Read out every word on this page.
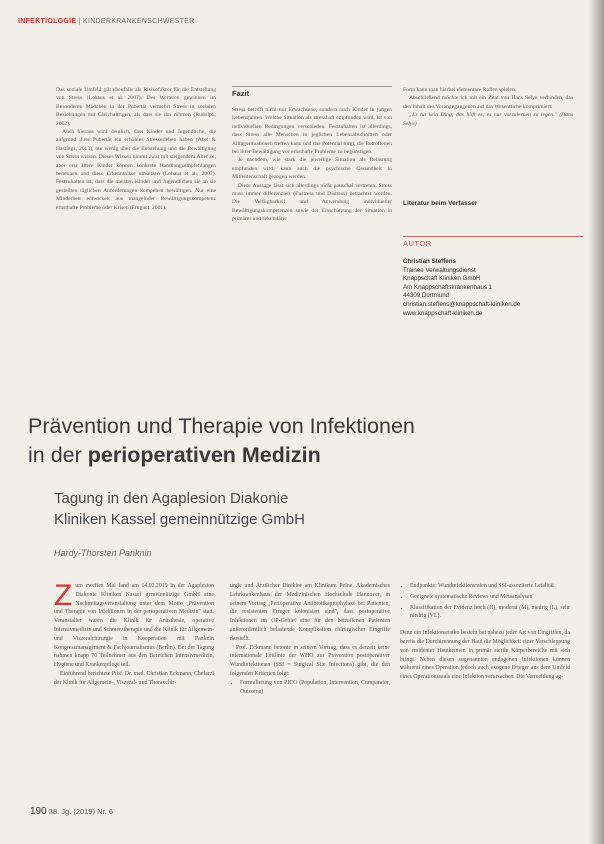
INFEKTIOLOGIE | KINDERKRANKENSCHWESTER

Das soziale Umfeld gilt ebenfalls als Risikofaktor für die Entstehung von Stress (Lohaus et al. 2007). Des Weiteren gewinnen im Besonderen Mädchen in der Pubertät vermehrt Stress in sozialen Beziehungen mit Gleichaltrigen, als dass sie ihn rühmen (Rudolph, 2002).

Auch hieraus wird deutlich, dass Kinder und Jugendliche, die aufgrund ihrer Pubertät ein erhöhtes Stresserleben haben (Abel & Hastings, 2013), nur wenig über die Entstehung und die Bewältigung von Stress wissen. Dieses Wissen nimmt zwar mit steigendem Alter zu, aber erst ältere Kinder können konkrete Handlungsempfehlungen benennen und diese Erkenntnisse umsetzen (Lohaus et al., 2007). Festzuhalten ist, dass die meisten Kinder und Jugendlichen sie an sie gestellten täglichen Anforderungen kompetent bewältigen. Nur eine Minderheit entwickelt aus mangelnder Bewältigungskompetenz ernsthafte Probleme oder Krisen (Fruguet, 2001).

Fazit

Stress betrifft nicht nur Erwachsene, sondern auch Kinder in jungen Lebensjahren. Welche Situation als stresshaft empfunden wird, ist von individuellen Bedingungen verschieden. Festzuhalten ist allerdings, dass Stress alle Menschen in jeglichen Lebensabschnitten oder Alltagssituationen treffen kann und das Potential birgt, die Betroffenen bei ihrer Bewältigung vor ernsthafte Probleme zu begünstigen.

Je nachdem, wie stark die jeweilige Situation als Belastung empfunden wird, kann auch die psychische Gesundheit in Mitleidenschaft gezogen werden.

Diese Aussage lässt sich allerdings nicht pauschal vertreten. Stress muss immer differenziert (Eustress und Distress) betrachtet werden. Die Verfügbarkeit und Anwendung individueller Bewältigungskompetenzen sowie der Einschätzung der Situation in primärer und sekundärer

Form kann man hierbei elementare Rollen spielen.

Abschließend möchte ich mit ein Zitat von Hans Selye verbinden, das den Inhalt des Vorangegangenen auf das Wesentliche komprimiert:

„Es tut kein Ding; das hilft es, es nur vorzulernen zu legen." (Hans Selye)

Literatur beim Verfasser
AUTOR
Christian Steffens
Trainee Verwaltungsdienst
Knappschaft Kliniken GmbH
Am Knappschaftskrankenhaus 1
44309 Dortmund
christian.steffens@knappschaft-kliniken.de
www.knappschaft-kliniken.de
Prävention und Therapie von Infektionen
in der perioperativen Medizin
Tagung in den Agaplesion Diakonie
Kliniken Kassel gemeinnützige GmbH
Hardy-Thorsten Panknin
Z um zweiten Mal fand am 14.02.2019 in der Agaplesion Diakonie Kliniken Kassel gemeinnützige GmbH eine Nachmittagsveranstaltung unter dem Motto „Prävention und Therapie von Infektionen in der perioperativen Medizin" statt. Veranstalter waren die Klinik für Anästhesie, operative Intensivmedizin und Schmerztherapie und die Klinik für Allgemein- und Viszeralchirurgie in Kooperation mit Panknin Kongressmanagement & Fachjournalismus (Berlin). Bei der Tagung nahmen knapp 70 Teilnehmer aus den Bereichen Intensivmedizin, Hygiene und Krankenpflege teil.
Einführend berichtete Prof. Dr. med. Christian Eckmann, Chefarzt der Klinik für Allgemein-, Viszeral- und Thoraxchir-
urgie und Ärztlicher Direktor am Klinikum Peine, Akademisches Lehrkrankenhaus der Medizinischen Hochschule Hannover, in seinem Vortrag „Perioperative Antibiotikaprophylaxe bei Patienten, die resistenten Erreger kolonisiert sind", dass postoperative Infektionen im OP-Gebiet eine für den betroffenen Patienten außerordentlich belastende Komplikation chirurgischer Eingriffe darstellt.
Prof. Eckmann betonte in seinem Vortrag, dass es derzeit keine internationale Leitlinie der WHO zur Prävention postoperativer Wundinfektionen (SSI = Surgical Site Infections) gibt, die den folgenden Kriterien folgt:
• Formulierung von PICO (Population, Intervention, Comparator, Outcome)
• Endpunkte: Wundinfektionsraten und SSI-assoziierte Letalität
• Geeignete systematische Reviews und Metaanalysen
• Klassifikation der Evidenz hoch (H), moderat (M), niedrig (L), sehr niedrig (VL).
Denn ein Infektionsrisiko besteht bei nahezu jeder Art von Eingriffen, da bereits die Durchtrennung der Haut die Möglichkeit einer Verschleppung von residenter Hautkeimen in primär sterile Körperbereiche mit sich bringt. Neben diesen sogenannten endogenen Infektionen können während eines Operation jedoch auch exogene Erreger aus dem Umfeld eines Operationssaals eine Infektion verursachen. Die Vermeidung ag-
190 38. Jg. (2019) Nr. 6
